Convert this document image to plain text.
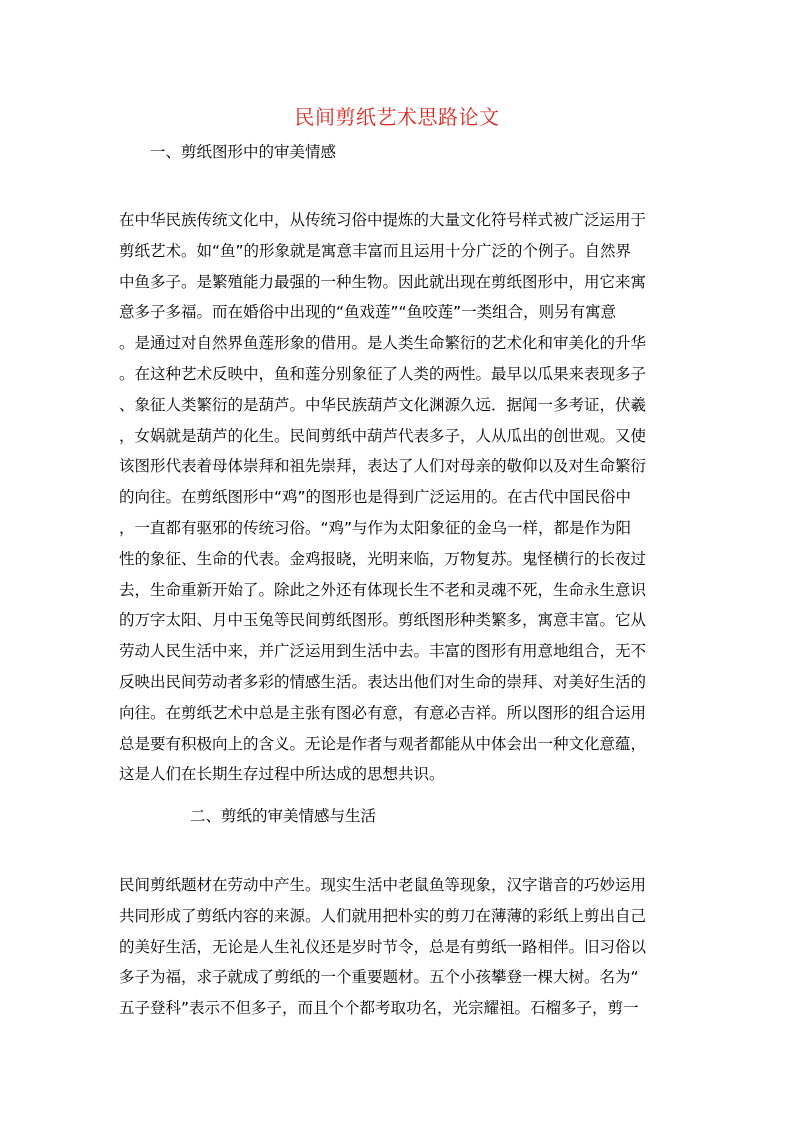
民间剪纸艺术思路论文
一、剪纸图形中的审美情感
在中华民族传统文化中，从传统习俗中提炼的大量文化符号样式被广泛运用于
剪纸艺术。如“鱼”的形象就是寓意丰富而且运用十分广泛的个例子。自然界
中鱼多子。是繁殖能力最强的一种生物。因此就出现在剪纸图形中，用它来寓
意多子多福。而在婚俗中出现的“鱼戏莲”“鱼咬莲”一类组合，则另有寓意
。是通过对自然界鱼莲形象的借用。是人类生命繁衍的艺术化和审美化的升华
。在这种艺术反映中，鱼和莲分别象征了人类的两性。最早以瓜果来表现多子
、象征人类繁衍的是葫芦。中华民族葫芦文化渊源久远．据闻一多考证，伏羲
，女娲就是葫芦的化生。民间剪纸中葫芦代表多子，人从瓜出的创世观。又使
该图形代表着母体崇拜和祖先崇拜，表达了人们对母亲的敬仰以及对生命繁衍
的向往。在剪纸图形中“鸡”的图形也是得到广泛运用的。在古代中国民俗中
，一直都有驱邪的传统习俗。“鸡”与作为太阳象征的金乌一样，都是作为阳
性的象征、生命的代表。金鸡报晓，光明来临，万物复苏。鬼怪横行的长夜过
去，生命重新开始了。除此之外还有体现长生不老和灵魂不死，生命永生意识
的万字太阳、月中玉兔等民间剪纸图形。剪纸图形种类繁多，寓意丰富。它从
劳动人民生活中来，并广泛运用到生活中去。丰富的图形有用意地组合，无不
反映出民间劳动者多彩的情感生活。表达出他们对生命的崇拜、对美好生活的
向往。在剪纸艺术中总是主张有图必有意，有意必吉祥。所以图形的组合运用
总是要有积极向上的含义。无论是作者与观者都能从中体会出一种文化意蕴，
这是人们在长期生存过程中所达成的思想共识。
二、剪纸的审美情感与生活
民间剪纸题材在劳动中产生。现实生活中老鼠鱼等现象，汉字谐音的巧妙运用
共同形成了剪纸内容的来源。人们就用把朴实的剪刀在薄薄的彩纸上剪出自己
的美好生活，无论是人生礼仪还是岁时节令，总是有剪纸一路相伴。旧习俗以
多子为福，求子就成了剪纸的一个重要题材。五个小孩攀登一棵大树。名为“
五子登科”表示不但多子，而且个个都考取功名，光宗耀祖。石榴多子，剪一
